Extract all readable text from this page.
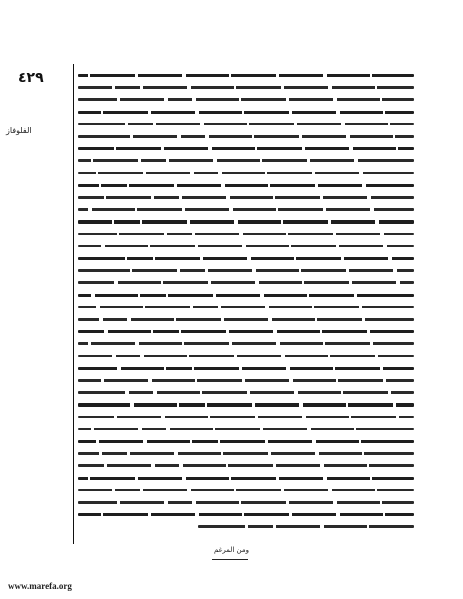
٤٢٩
الفلوفاز
ومن المرغم
www.marefa.org
